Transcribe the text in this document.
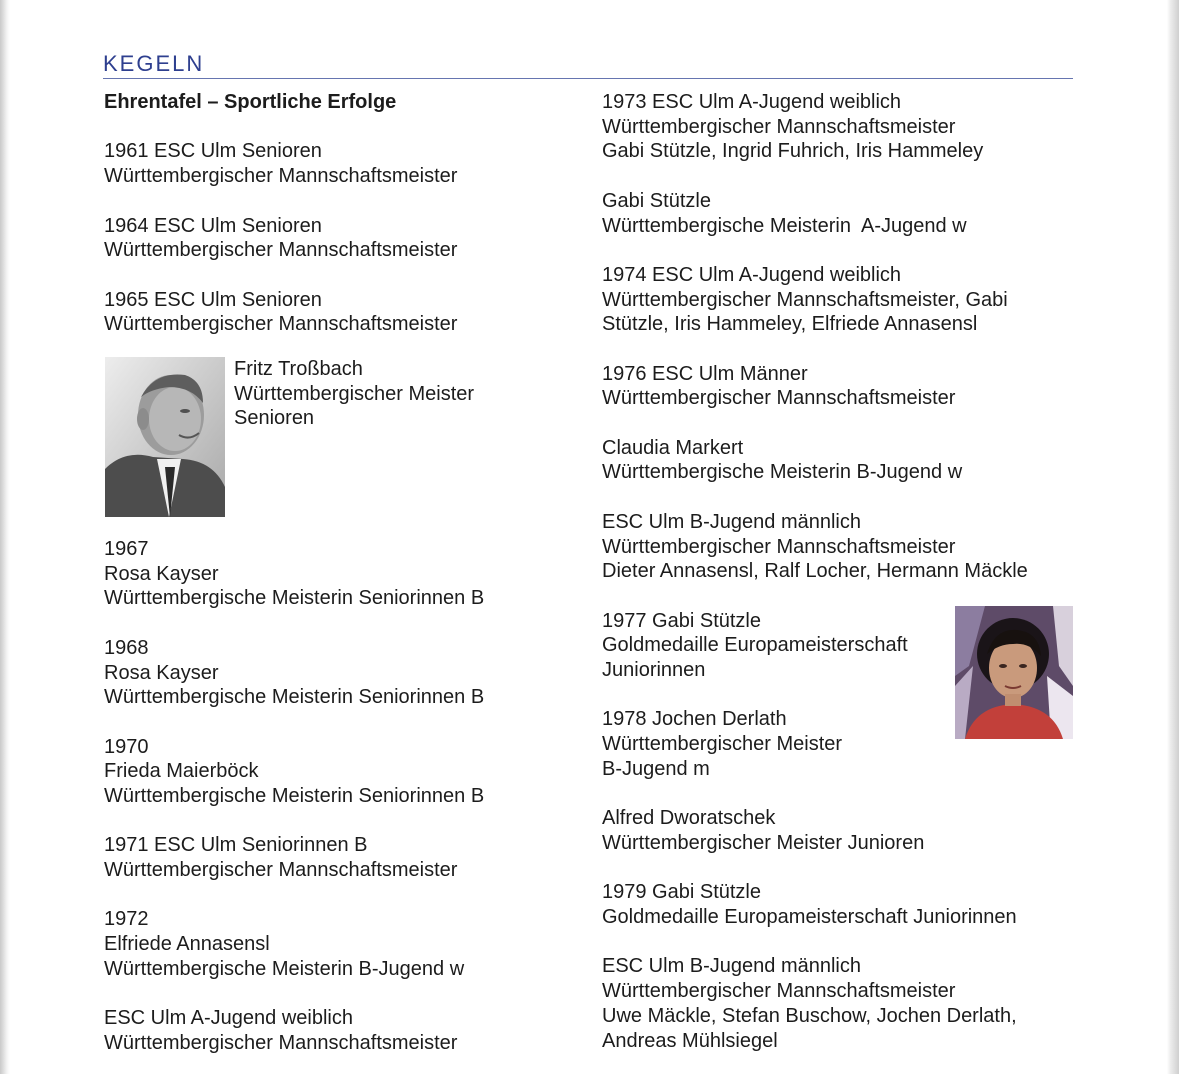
KEGELN
Ehrentafel – Sportliche Erfolge

1961 ESC Ulm Senioren
Württembergischer Mannschaftsmeister
1964 ESC Ulm Senioren
Württembergischer Mannschaftsmeister
1965 ESC Ulm Senioren
Württembergischer Mannschaftsmeister
Fritz Troßbach
Württembergischer Meister
Senioren
1967
Rosa Kayser
Württembergische Meisterin Seniorinnen B
1968
Rosa Kayser
Württembergische Meisterin Seniorinnen B
1970
Frieda Maierböck
Württembergische Meisterin Seniorinnen B
1971 ESC Ulm Seniorinnen B
Württembergischer Mannschaftsmeister
1972
Elfriede Annasensl
Württembergische Meisterin B-Jugend w
ESC Ulm A-Jugend weiblich
Württembergischer Mannschaftsmeister
1973 ESC Ulm A-Jugend weiblich
Württembergischer Mannschaftsmeister
Gabi Stützle, Ingrid Fuhrich, Iris Hammeley
Gabi Stützle
Württembergische Meisterin  A-Jugend w
1974 ESC Ulm A-Jugend weiblich
Württembergischer Mannschaftsmeister, Gabi
Stützle, Iris Hammeley, Elfriede Annasensl
1976 ESC Ulm Männer
Württembergischer Mannschaftsmeister
Claudia Markert
Württembergische Meisterin B-Jugend w
ESC Ulm B-Jugend männlich
Württembergischer Mannschaftsmeister
Dieter Annasensl, Ralf Locher, Hermann Mäckle
1977 Gabi Stützle
Goldmedaille Europameisterschaft
Juniorinnen
1978 Jochen Derlath
Württembergischer Meister
B-Jugend m
Alfred Dworatschek
Württembergischer Meister Junioren
1979 Gabi Stützle
Goldmedaille Europameisterschaft Juniorinnen
ESC Ulm B-Jugend männlich
Württembergischer Mannschaftsmeister
Uwe Mäckle, Stefan Buschow, Jochen Derlath,
Andreas Mühlsiegel
